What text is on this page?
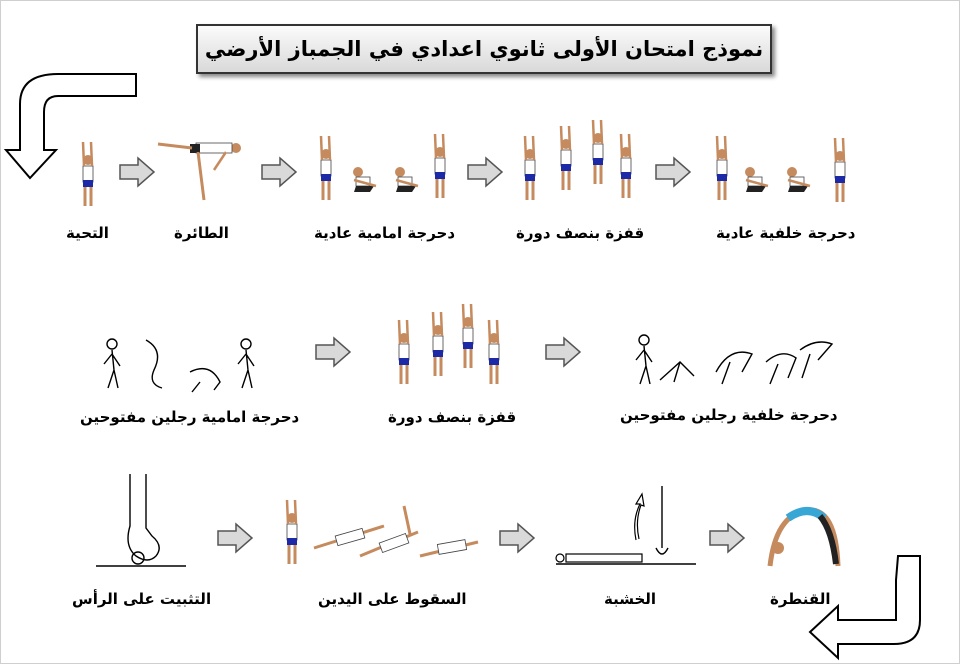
نموذج امتحان الأولى ثانوي اعدادي في الجمباز الأرضي
التحية	الطائرة	دحرجة امامية عادية	قفزة بنصف دورة	دحرجة خلفية عادية
دحرجة امامية رجلين مفتوحين	قفزة بنصف دورة	دحرجة خلفية رجلين مفتوحين
التثبيت على الرأس	السقوط على اليدين	الخشبة	القنطرة
